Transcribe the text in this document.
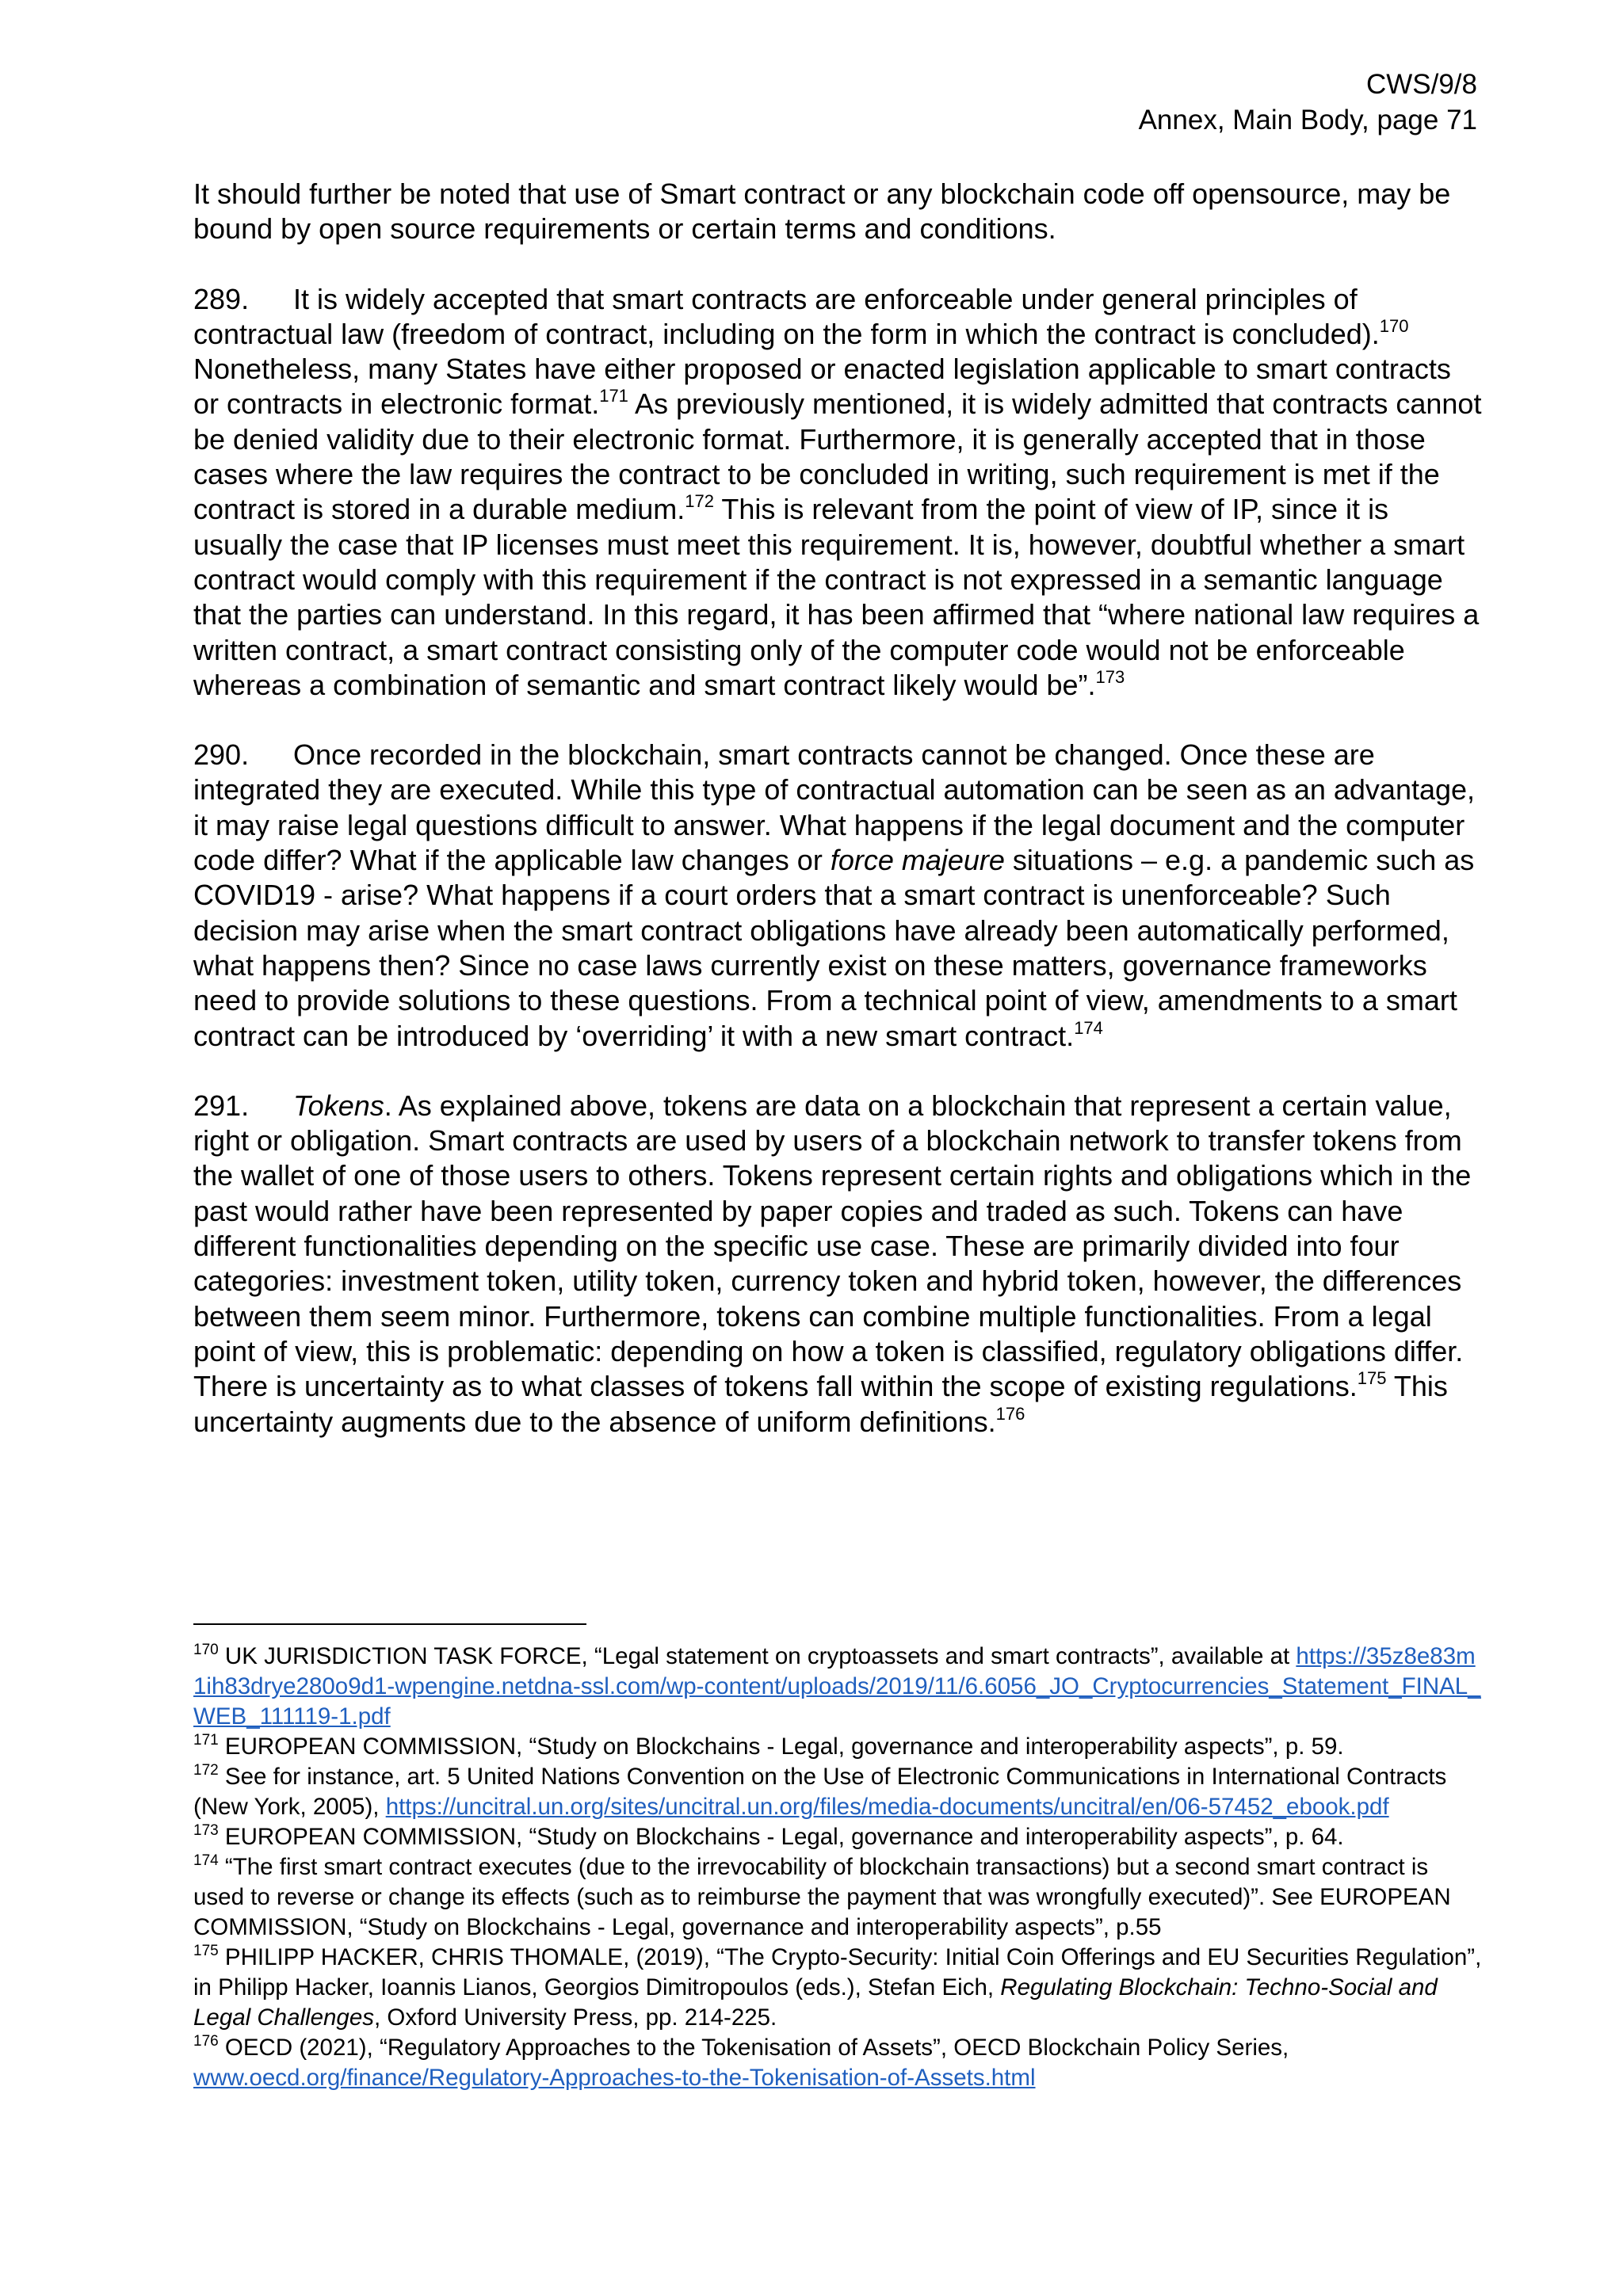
CWS/9/8
Annex, Main Body, page 71

It should further be noted that use of Smart contract or any blockchain code off opensource, may be bound by open source requirements or certain terms and conditions.

289. It is widely accepted that smart contracts are enforceable under general principles of contractual law (freedom of contract, including on the form in which the contract is concluded).$^{170}$ Nonetheless, many States have either proposed or enacted legislation applicable to smart contracts or contracts in electronic format.$^{171}$ As previously mentioned, it is widely admitted that contracts cannot be denied validity due to their electronic format. Furthermore, it is generally accepted that in those cases where the law requires the contract to be concluded in writing, such requirement is met if the contract is stored in a durable medium.$^{172}$ This is relevant from the point of view of IP, since it is usually the case that IP licenses must meet this requirement. It is, however, doubtful whether a smart contract would comply with this requirement if the contract is not expressed in a semantic language that the parties can understand. In this regard, it has been affirmed that “where national law requires a written contract, a smart contract consisting only of the computer code would not be enforceable whereas a combination of semantic and smart contract likely would be”.$^{173}$

290. Once recorded in the blockchain, smart contracts cannot be changed. Once these are integrated they are executed. While this type of contractual automation can be seen as an advantage, it may raise legal questions difficult to answer. What happens if the legal document and the computer code differ? What if the applicable law changes or force majeure situations – e.g. a pandemic such as COVID19 - arise? What happens if a court orders that a smart contract is unenforceable? Such decision may arise when the smart contract obligations have already been automatically performed, what happens then? Since no case laws currently exist on these matters, governance frameworks need to provide solutions to these questions. From a technical point of view, amendments to a smart contract can be introduced by ‘overriding’ it with a new smart contract.$^{174}$

291. Tokens. As explained above, tokens are data on a blockchain that represent a certain value, right or obligation. Smart contracts are used by users of a blockchain network to transfer tokens from the wallet of one of those users to others. Tokens represent certain rights and obligations which in the past would rather have been represented by paper copies and traded as such. Tokens can have different functionalities depending on the specific use case. These are primarily divided into four categories: investment token, utility token, currency token and hybrid token, however, the differences between them seem minor. Furthermore, tokens can combine multiple functionalities. From a legal point of view, this is problematic: depending on how a token is classified, regulatory obligations differ. There is uncertainty as to what classes of tokens fall within the scope of existing regulations.$^{175}$ This uncertainty augments due to the absence of uniform definitions.$^{176}$

$^{170}$ UK JURISDICTION TASK FORCE, “Legal statement on cryptoassets and smart contracts”, available at https://35z8e83m1ih83drye280o9d1-wpengine.netdna-ssl.com/wp-content/uploads/2019/11/6.6056_JO_Cryptocurrencies_Statement_FINAL_WEB_111119-1.pdf

$^{171}$ EUROPEAN COMMISSION, “Study on Blockchains - Legal, governance and interoperability aspects”, p. 59.

$^{172}$ See for instance, art. 5 United Nations Convention on the Use of Electronic Communications in International Contracts (New York, 2005), https://uncitral.un.org/sites/uncitral.un.org/files/media-documents/uncitral/en/06-57452_ebook.pdf

$^{173}$ EUROPEAN COMMISSION, “Study on Blockchains - Legal, governance and interoperability aspects”, p. 64.

$^{174}$ “The first smart contract executes (due to the irrevocability of blockchain transactions) but a second smart contract is used to reverse or change its effects (such as to reimburse the payment that was wrongfully executed)”. See EUROPEAN COMMISSION, “Study on Blockchains - Legal, governance and interoperability aspects”, p.55

$^{175}$ PHILIPP HACKER, CHRIS THOMALE, (2019), “The Crypto-Security: Initial Coin Offerings and EU Securities Regulation”, in Philipp Hacker, Ioannis Lianos, Georgios Dimitropoulos (eds.), Stefan Eich, Regulating Blockchain: Techno-Social and Legal Challenges, Oxford University Press, pp. 214-225.

$^{176}$ OECD (2021), “Regulatory Approaches to the Tokenisation of Assets”, OECD Blockchain Policy Series, www.oecd.org/finance/Regulatory-Approaches-to-the-Tokenisation-of-Assets.html
